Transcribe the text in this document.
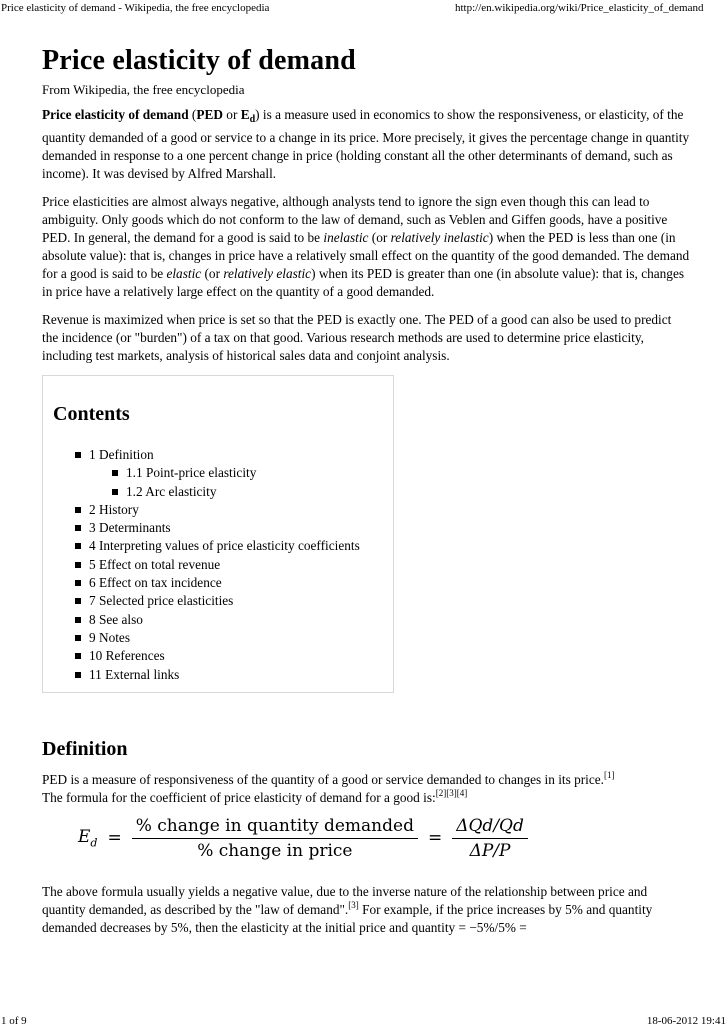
Price elasticity of demand - Wikipedia, the free encyclopedia	http://en.wikipedia.org/wiki/Price_elasticity_of_demand
Price elasticity of demand
From Wikipedia, the free encyclopedia

Price elasticity of demand (PED or $E_d$) is a measure used in economics to show the responsiveness, or elasticity, of the quantity demanded of a good or service to a change in its price. More precisely, it gives the percentage change in quantity demanded in response to a one percent change in price (holding constant all the other determinants of demand, such as income). It was devised by Alfred Marshall.

Price elasticities are almost always negative, although analysts tend to ignore the sign even though this can lead to ambiguity. Only goods which do not conform to the law of demand, such as Veblen and Giffen goods, have a positive PED. In general, the demand for a good is said to be inelastic (or relatively inelastic) when the PED is less than one (in absolute value): that is, changes in price have a relatively small effect on the quantity of the good demanded. The demand for a good is said to be elastic (or relatively elastic) when its PED is greater than one (in absolute value): that is, changes in price have a relatively large effect on the quantity of a good demanded.

Revenue is maximized when price is set so that the PED is exactly one. The PED of a good can also be used to predict the incidence (or "burden") of a tax on that good. Various research methods are used to determine price elasticity, including test markets, analysis of historical sales data and conjoint analysis.

Contents
1 Definition
1.1 Point-price elasticity
1.2 Arc elasticity
2 History
3 Determinants
4 Interpreting values of price elasticity coefficients
5 Effect on total revenue
6 Effect on tax incidence
7 Selected price elasticities
8 See also
9 Notes
10 References
11 External links
Definition

PED is a measure of responsiveness of the quantity of a good or service demanded to changes in its price.[1]
The formula for the coefficient of price elasticity of demand for a good is:[2][3][4]

$E_d = \frac{\text{\% change in quantity demanded}}{\text{\% change in price}} = \frac{\text{ΔQd/Qd}}{\Delta P/P}$

The above formula usually yields a negative value, due to the inverse nature of the relationship between price and quantity demanded, as described by the "law of demand".[3] For example, if the price increases by 5% and quantity demanded decreases by 5%, then the elasticity at the initial price and quantity = −5%/5% =

1 of 9	18-06-2012 19:41
